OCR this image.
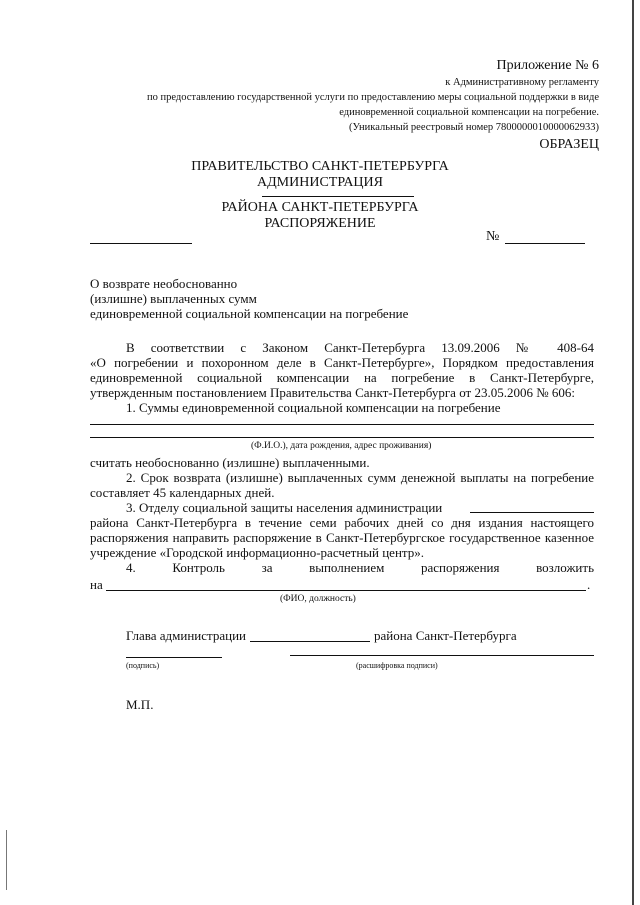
Приложение № 6
к Административному регламенту
по предоставлению государственной услуги по предоставлению меры социальной поддержки в виде
единовременной социальной компенсации на погребение.
(Уникальный реестровый номер 7800000010000062933)
ОБРАЗЕЦ
ПРАВИТЕЛЬСТВО САНКТ-ПЕТЕРБУРГА
АДМИНИСТРАЦИЯ
РАЙОНА САНКТ-ПЕТЕРБУРГА
РАСПОРЯЖЕНИЕ
№
О возврате необоснованно
(излишне) выплаченных сумм
единовременной социальной компенсации на погребение
В соответствии с Законом Санкт-Петербурга 13.09.2006 № 408-64
«О погребении и похоронном деле в Санкт-Петербурге», Порядком предоставления
единовременной социальной компенсации на погребение в Санкт-Петербурге,
утвержденным постановлением Правительства Санкт-Петербурга от 23.05.2006 № 606:
1. Суммы единовременной социальной компенсации на погребение
(Ф.И.О.), дата рождения, адрес проживания)
считать необоснованно (излишне) выплаченными.
2. Срок возврата (излишне) выплаченных сумм денежной выплаты на погребение
составляет 45 календарных дней.
3. Отделу социальной защиты населения администрации
района Санкт-Петербурга в течение семи рабочих дней со дня издания настоящего
распоряжения направить распоряжение в Санкт-Петербургское государственное казенное
учреждение «Городской информационно-расчетный центр».
4. Контроль за выполнением распоряжения возложить
на	.
(ФИО, должность)
Глава администрации	района Санкт-Петербурга
(подпись)	(расшифровка подписи)
М.П.
